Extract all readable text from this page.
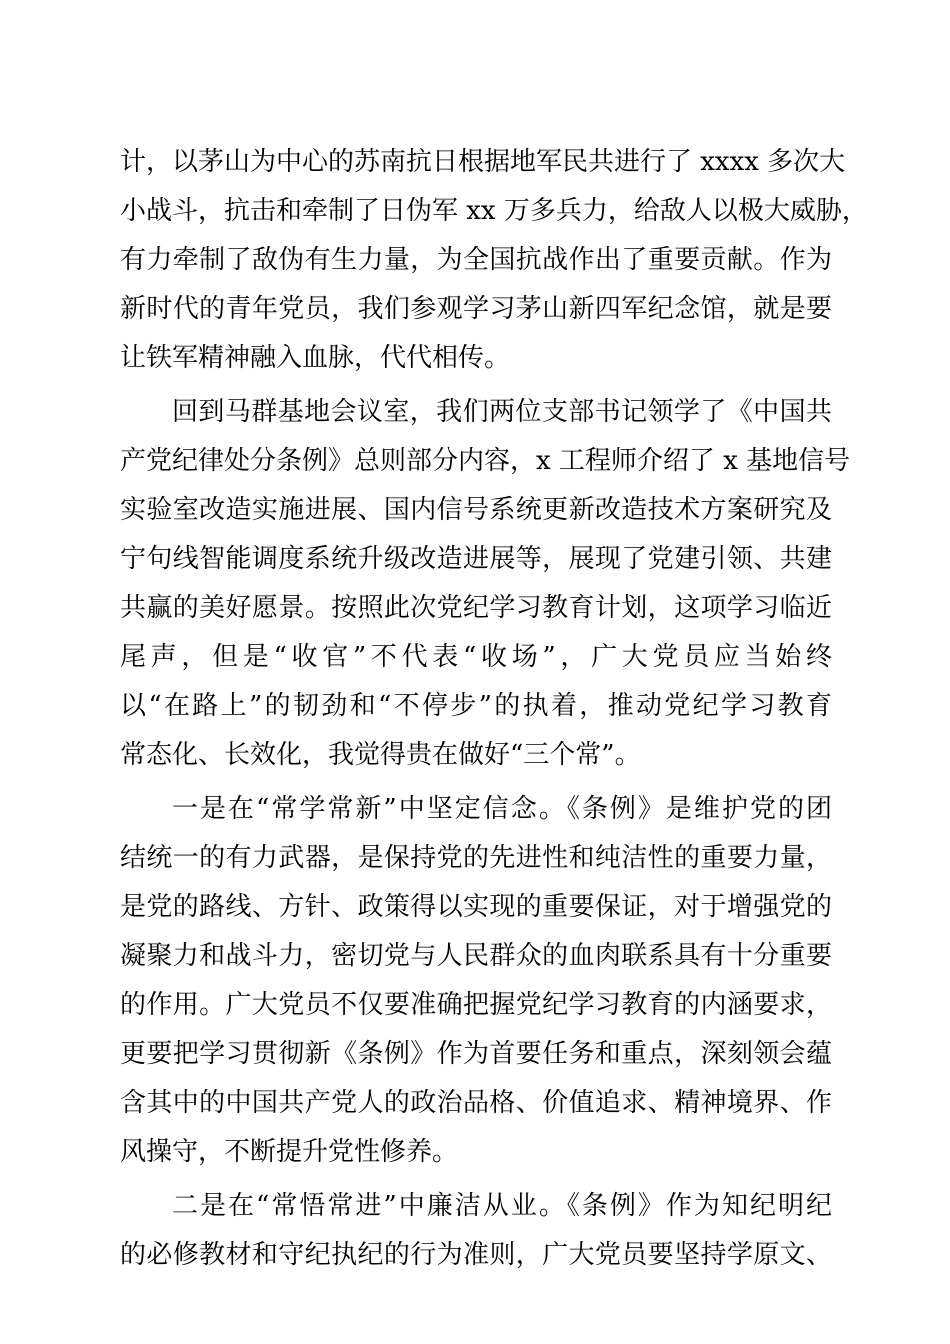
计，以茅山为中心的苏南抗日根据地军民共进行了 xxxx 多次大
小战斗，抗击和牵制了日伪军 xx 万多兵力，给敌人以极大威胁，
有力牵制了敌伪有生力量，为全国抗战作出了重要贡献。作为
新时代的青年党员，我们参观学习茅山新四军纪念馆，就是要
让铁军精神融入血脉，代代相传。
回到马群基地会议室，我们两位支部书记领学了《中国共
产党纪律处分条例》总则部分内容，x 工程师介绍了 x 基地信号
实验室改造实施进展、国内信号系统更新改造技术方案研究及
宁句线智能调度系统升级改造进展等，展现了党建引领、共建
共赢的美好愿景。按照此次党纪学习教育计划，这项学习临近
尾声，但是“收官”不代表“收场”，广大党员应当始终
以“在路上”的韧劲和“不停步”的执着，推动党纪学习教育
常态化、长效化，我觉得贵在做好“三个常”。
一是在“常学常新”中坚定信念。《条例》是维护党的团
结统一的有力武器，是保持党的先进性和纯洁性的重要力量，
是党的路线、方针、政策得以实现的重要保证，对于增强党的
凝聚力和战斗力，密切党与人民群众的血肉联系具有十分重要
的作用。广大党员不仅要准确把握党纪学习教育的内涵要求，
更要把学习贯彻新《条例》作为首要任务和重点，深刻领会蕴
含其中的中国共产党人的政治品格、价值追求、精神境界、作
风操守，不断提升党性修养。
二是在“常悟常进”中廉洁从业。《条例》作为知纪明纪
的必修教材和守纪执纪的行为准则，广大党员要坚持学原文、
